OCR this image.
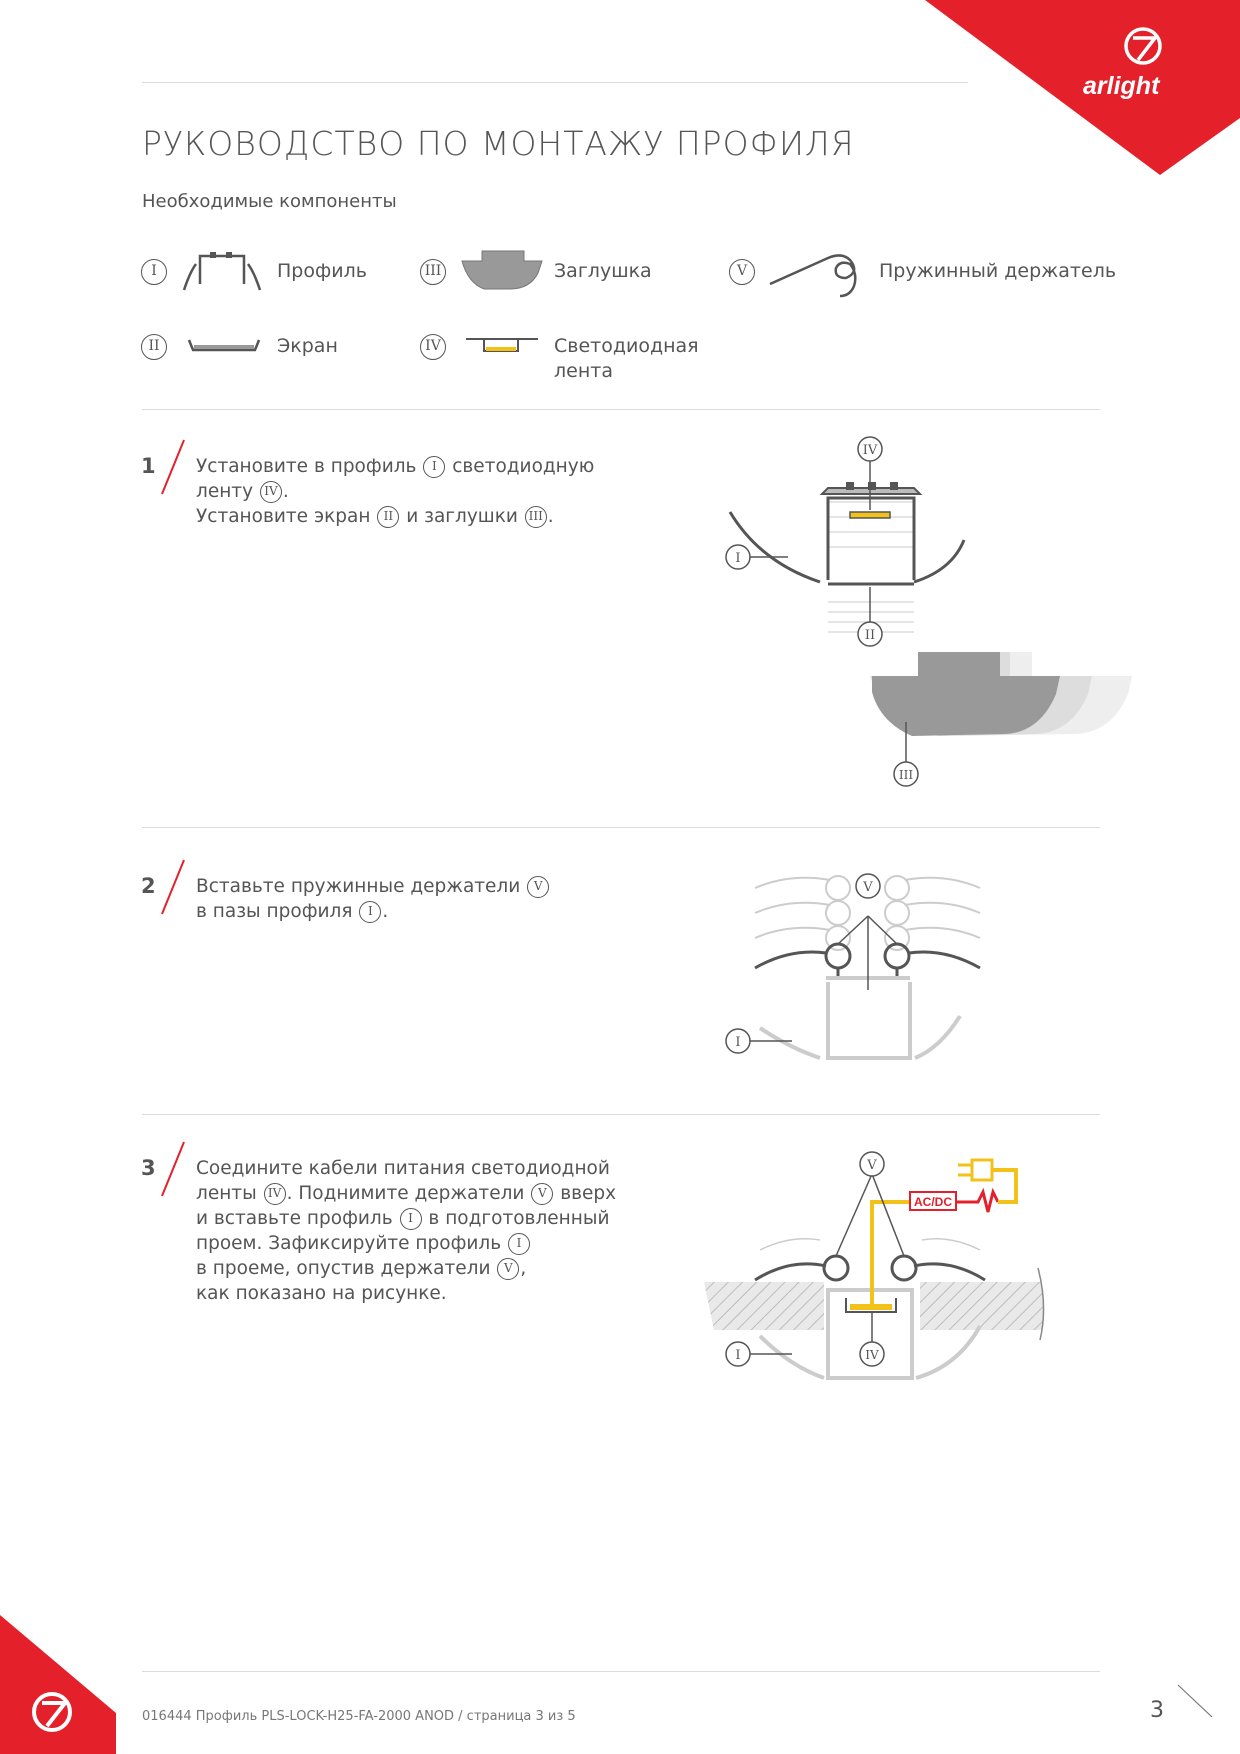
arlight
РУКОВОДСТВО ПО МОНТАЖУ ПРОФИЛЯ
Необходимые компоненты
I	Профиль
II	Экран
III	Заглушка
IV	Светодиодная
лента
V	Пружинный держатель
1 Установите в профиль I светодиодную
ленту IV .
Установите экран II и заглушки III .
IV
I
II
III
2 Вставьте пружинные держатели V
в пазы профиля I .
V
I
3 Соедините кабели питания светодиодной
ленты IV . Поднимите держатели V вверх
и вставьте профиль I в подготовленный
проем. Зафиксируйте профиль I
в проеме, опустив держатели V ,
как показано на рисунке.
AC/DC
V
I	IV
016444 Профиль PLS-LOCK-H25-FA-2000 ANOD / страница 3 из 5	3
